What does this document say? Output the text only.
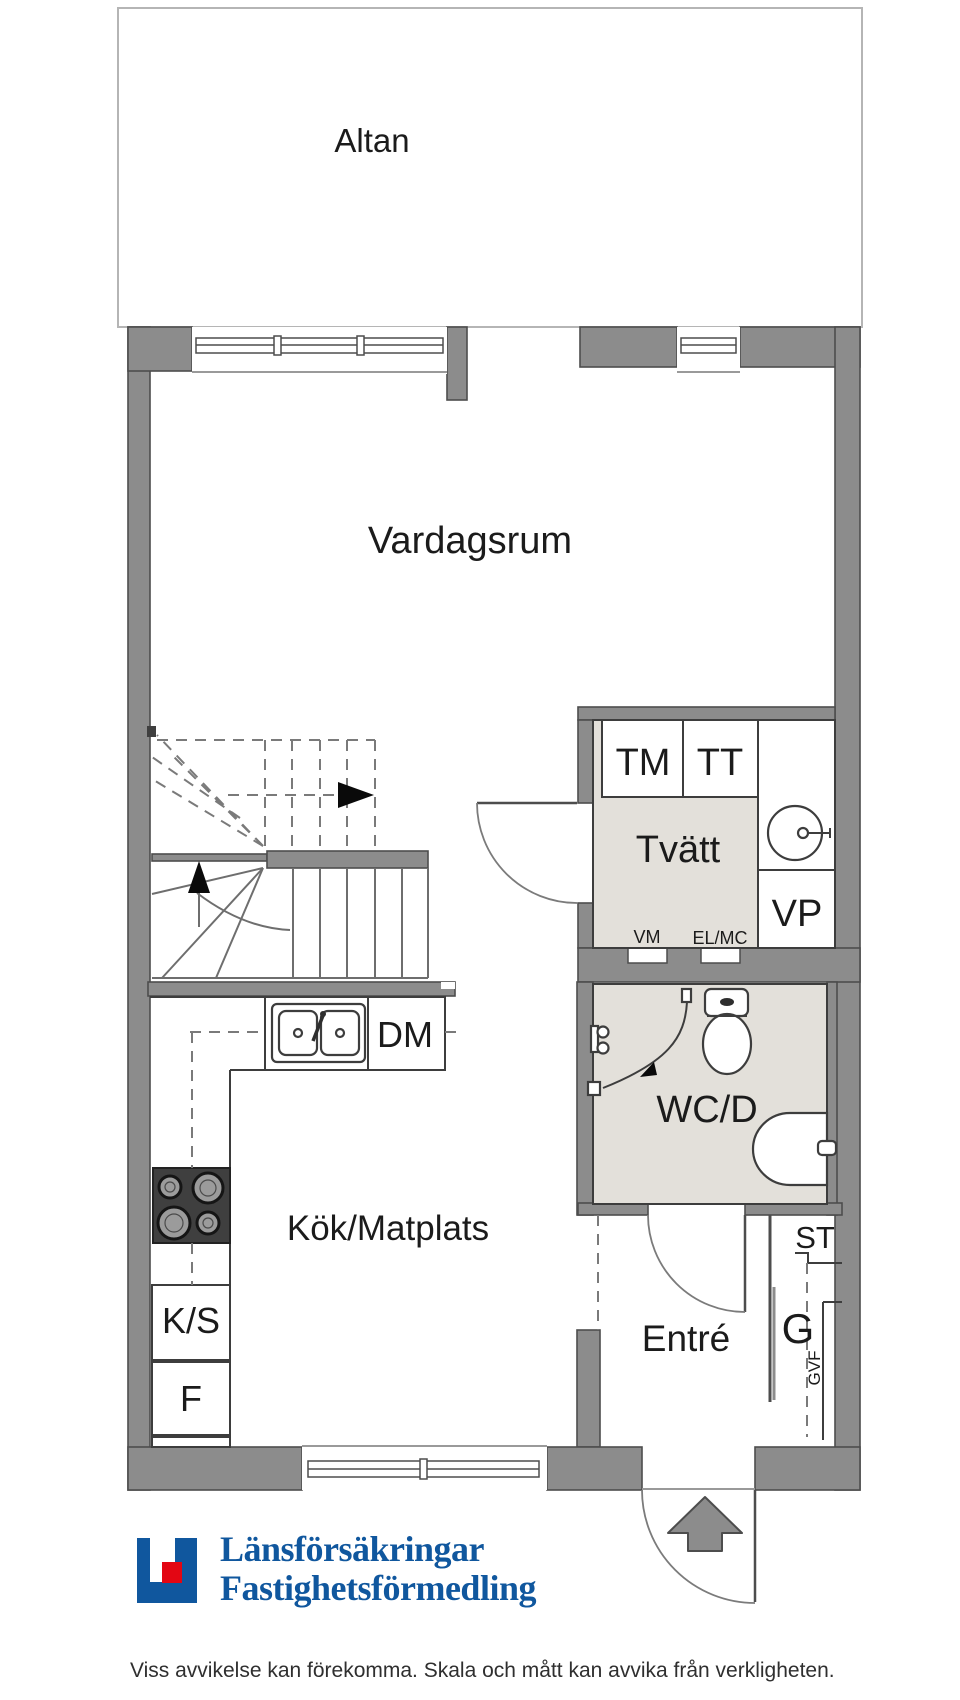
Altan
Vardagsrum
TM TT
Tvätt
VP
VM EL/MC
WC/D
DM
Kök/Matplats
K/S
F
Entré
ST
G
GVF
Länsförsäkringar
Fastighetsförmedling
Viss avvikelse kan förekomma. Skala och mått kan avvika från verkligheten.
